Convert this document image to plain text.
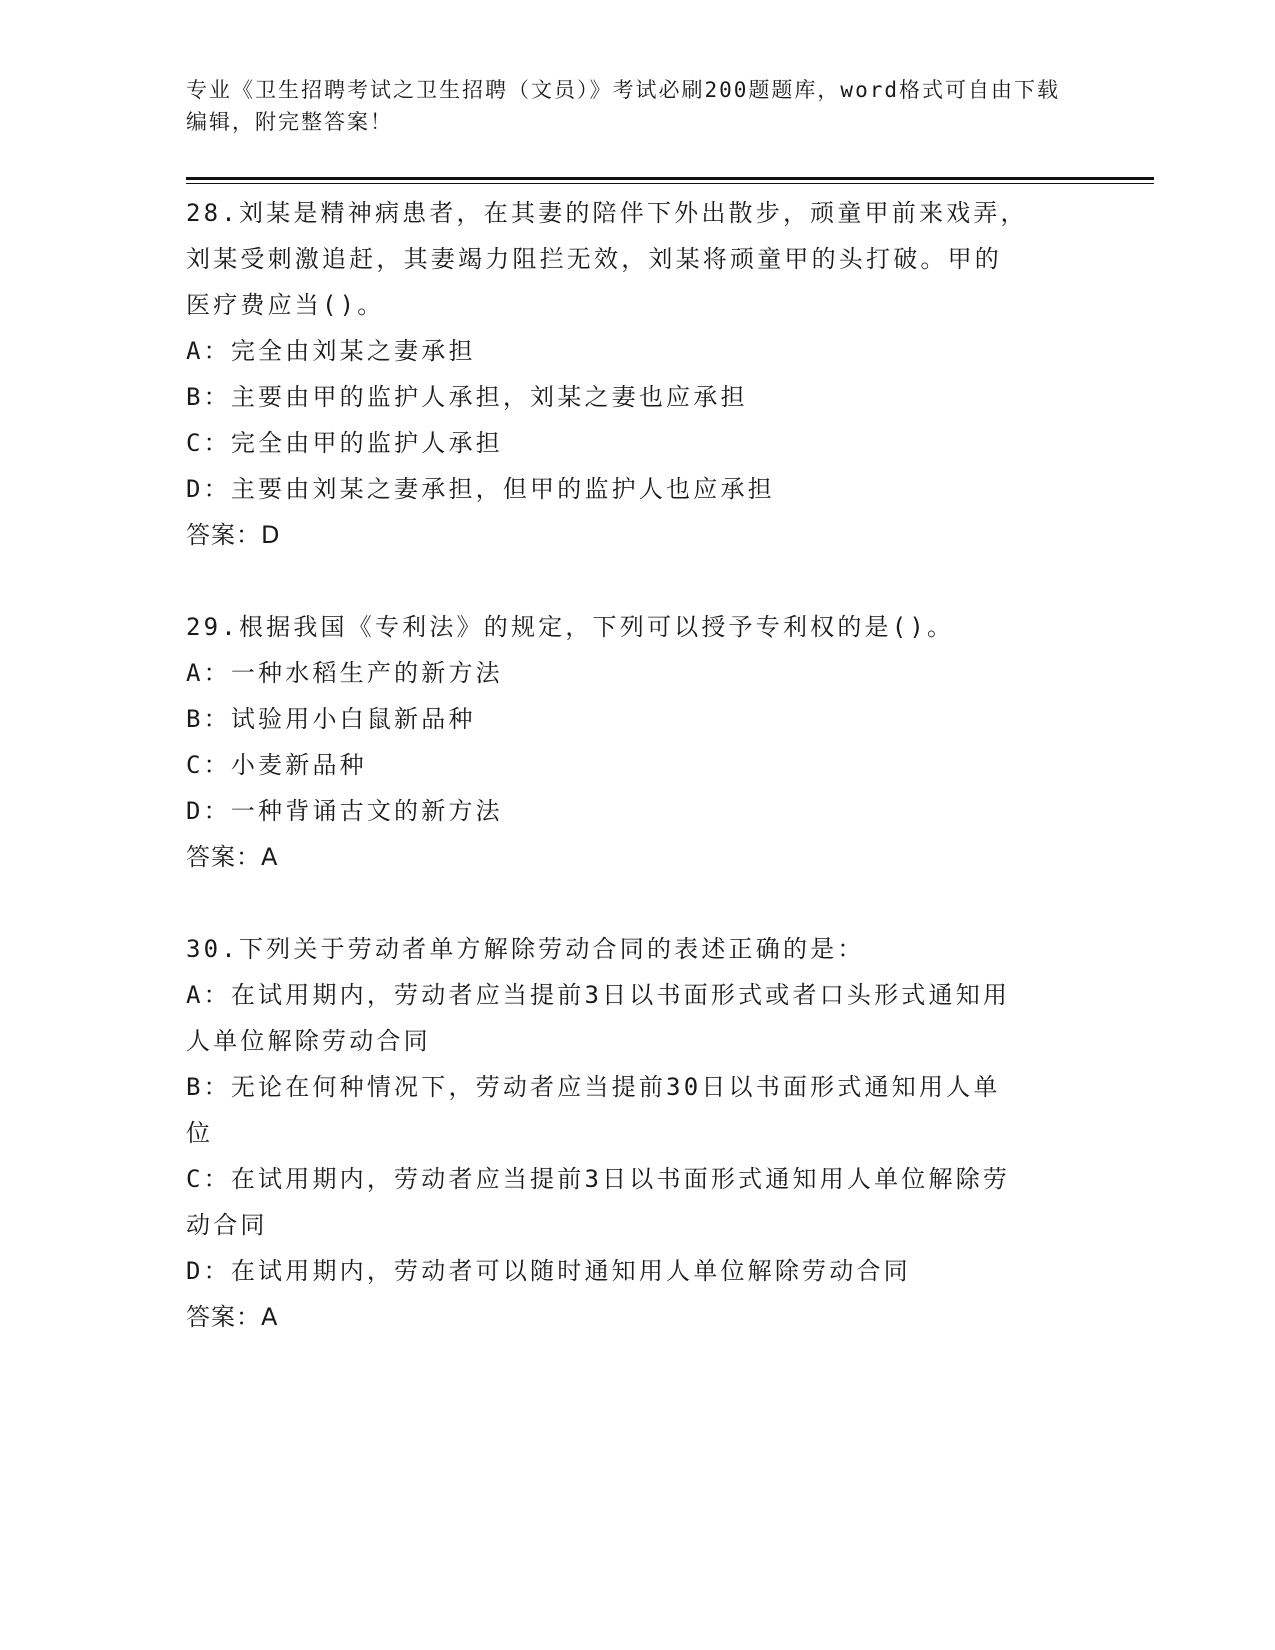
专业《卫生招聘考试之卫生招聘（文员）》考试必刷200题题库，word格式可自由下载编辑，附完整答案！
28.刘某是精神病患者，在其妻的陪伴下外出散步，顽童甲前来戏弄，
刘某受刺激追赶，其妻竭力阻拦无效，刘某将顽童甲的头打破。甲的
医疗费应当()。
A：完全由刘某之妻承担
B：主要由甲的监护人承担，刘某之妻也应承担
C：完全由甲的监护人承担
D：主要由刘某之妻承担，但甲的监护人也应承担
答案：D
29.根据我国《专利法》的规定，下列可以授予专利权的是()。
A：一种水稻生产的新方法
B：试验用小白鼠新品种
C：小麦新品种
D：一种背诵古文的新方法
答案：A
30.下列关于劳动者单方解除劳动合同的表述正确的是：
A：在试用期内，劳动者应当提前3日以书面形式或者口头形式通知用
人单位解除劳动合同
B：无论在何种情况下，劳动者应当提前30日以书面形式通知用人单
位
C：在试用期内，劳动者应当提前3日以书面形式通知用人单位解除劳
动合同
D：在试用期内，劳动者可以随时通知用人单位解除劳动合同
答案：A
